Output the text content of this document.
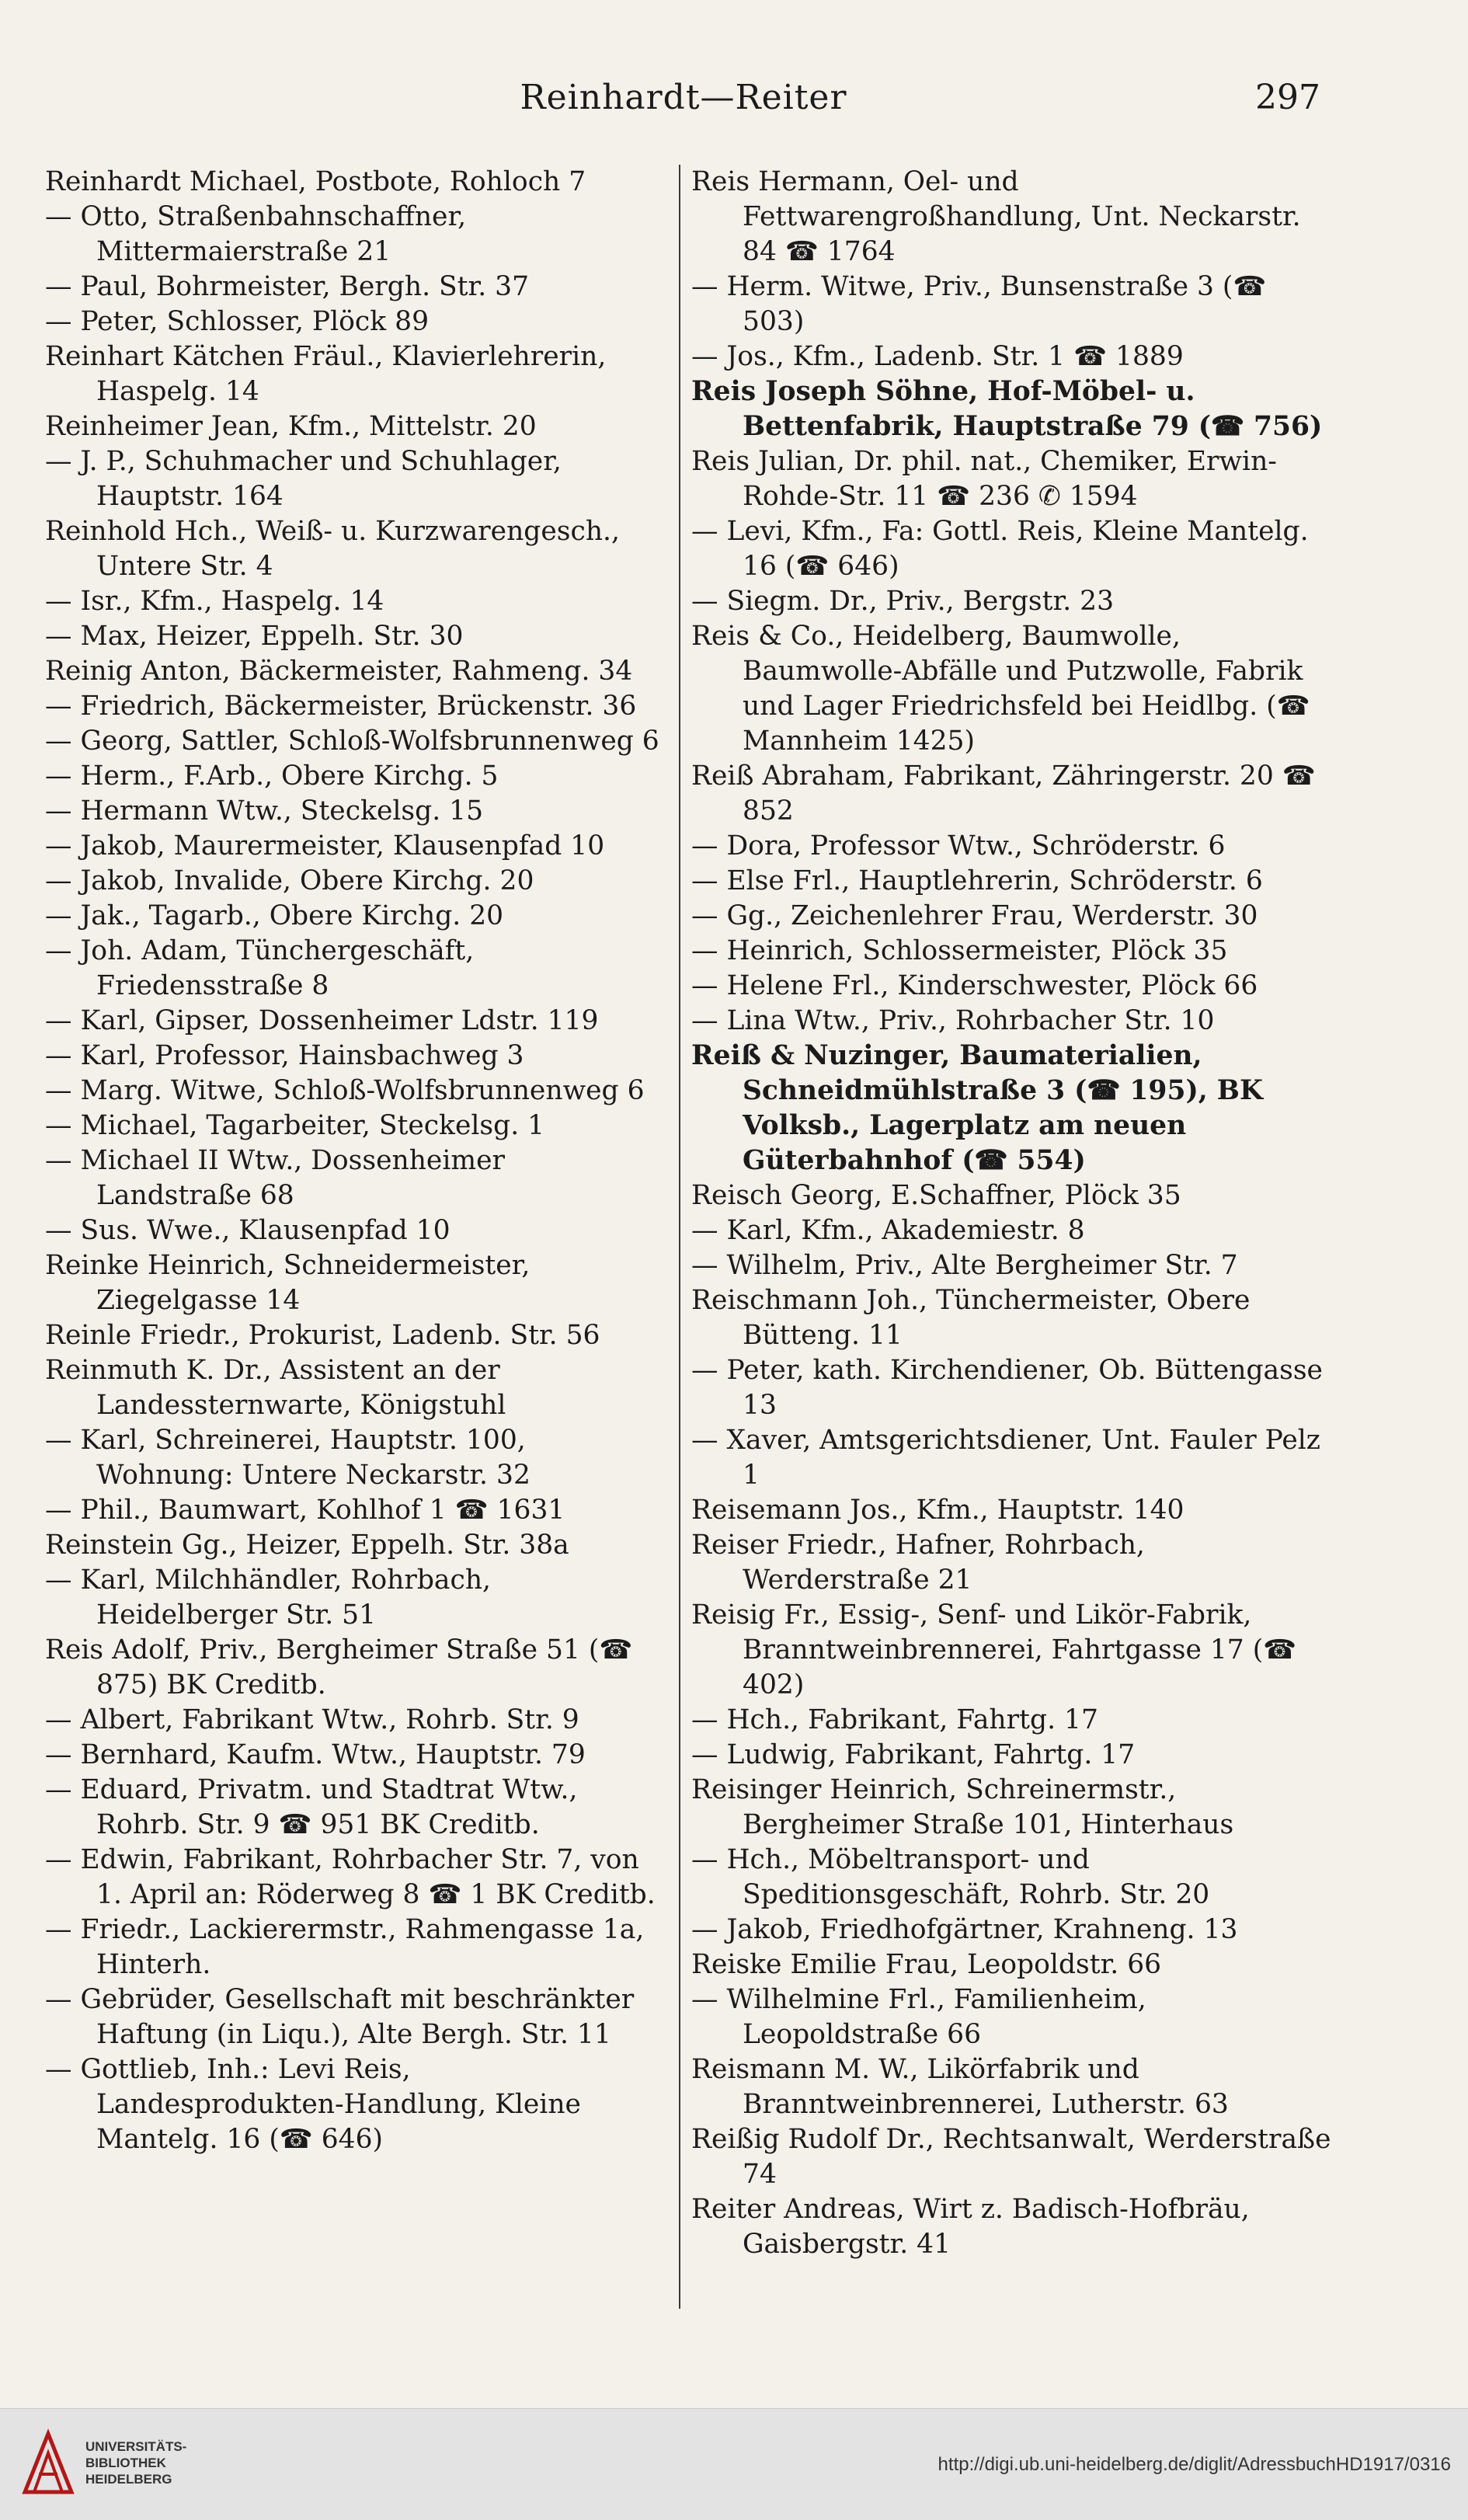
Reinhardt—Reiter	297

Reinhardt Michael, Postbote, Rohloch 7

— Otto, Straßenbahnschaffner, Mittermaierstraße 21

— Paul, Bohrmeister, Bergh. Str. 37

— Peter, Schlosser, Plöck 89

Reinhart Kätchen Fräul., Klavierlehrerin, Haspelg. 14

Reinheimer Jean, Kfm., Mittelstr. 20

— J. P., Schuhmacher und Schuhlager, Hauptstr. 164

Reinhold Hch., Weiß- u. Kurzwarengesch., Untere Str. 4

— Isr., Kfm., Haspelg. 14

— Max, Heizer, Eppelh. Str. 30

Reinig Anton, Bäckermeister, Rahmeng. 34

— Friedrich, Bäckermeister, Brückenstr. 36

— Georg, Sattler, Schloß-Wolfsbrunnenweg 6

— Herm., F.Arb., Obere Kirchg. 5

— Hermann Wtw., Steckelsg. 15

— Jakob, Maurermeister, Klausenpfad 10

— Jakob, Invalide, Obere Kirchg. 20

— Jak., Tagarb., Obere Kirchg. 20

— Joh. Adam, Tünchergeschäft, Friedensstraße 8

— Karl, Gipser, Dossenheimer Ldstr. 119

— Karl, Professor, Hainsbachweg 3

— Marg. Witwe, Schloß-Wolfsbrunnenweg 6

— Michael, Tagarbeiter, Steckelsg. 1

— Michael II Wtw., Dossenheimer Landstraße 68

— Sus. Wwe., Klausenpfad 10

Reinke Heinrich, Schneidermeister, Ziegelgasse 14

Reinle Friedr., Prokurist, Ladenb. Str. 56

Reinmuth K. Dr., Assistent an der Landessternwarte, Königstuhl

— Karl, Schreinerei, Hauptstr. 100, Wohnung: Untere Neckarstr. 32

— Phil., Baumwart, Kohlhof 1 ☎ 1631

Reinstein Gg., Heizer, Eppelh. Str. 38a

— Karl, Milchhändler, Rohrbach, Heidelberger Str. 51

Reis Adolf, Priv., Bergheimer Straße 51 (☎ 875) BK Creditb.

— Albert, Fabrikant Wtw., Rohrb. Str. 9

— Bernhard, Kaufm. Wtw., Hauptstr. 79

— Eduard, Privatm. und Stadtrat Wtw., Rohrb. Str. 9 ☎ 951 BK Creditb.

— Edwin, Fabrikant, Rohrbacher Str. 7, von 1. April an: Röderweg 8 ☎ 1 BK Creditb.

— Friedr., Lackierermstr., Rahmengasse 1a, Hinterh.

— Gebrüder, Gesellschaft mit beschränkter Haftung (in Liqu.), Alte Bergh. Str. 11

— Gottlieb, Inh.: Levi Reis, Landesprodukten-Handlung, Kleine Mantelg. 16 (☎ 646)

Reis Hermann, Oel- und Fettwarengroßhandlung, Unt. Neckarstr. 84 ☎ 1764

— Herm. Witwe, Priv., Bunsenstraße 3 (☎ 503)

— Jos., Kfm., Ladenb. Str. 1 ☎ 1889

Reis Joseph Söhne, Hof-Möbel- u. Bettenfabrik, Hauptstraße 79 (☎ 756)

Reis Julian, Dr. phil. nat., Chemiker, Erwin-Rohde-Str. 11 ☎ 236 ✆ 1594

— Levi, Kfm., Fa: Gottl. Reis, Kleine Mantelg. 16 (☎ 646)

— Siegm. Dr., Priv., Bergstr. 23

Reis & Co., Heidelberg, Baumwolle, Baumwolle-Abfälle und Putzwolle, Fabrik und Lager Friedrichsfeld bei Heidlbg. (☎ Mannheim 1425)

Reiß Abraham, Fabrikant, Zähringerstr. 20 ☎ 852

— Dora, Professor Wtw., Schröderstr. 6

— Else Frl., Hauptlehrerin, Schröderstr. 6

— Gg., Zeichenlehrer Frau, Werderstr. 30

— Heinrich, Schlossermeister, Plöck 35

— Helene Frl., Kinderschwester, Plöck 66

— Lina Wtw., Priv., Rohrbacher Str. 10

Reiß & Nuzinger, Baumaterialien, Schneidmühlstraße 3 (☎ 195), BK Volksb., Lagerplatz am neuen Güterbahnhof (☎ 554)

Reisch Georg, E.Schaffner, Plöck 35

— Karl, Kfm., Akademiestr. 8

— Wilhelm, Priv., Alte Bergheimer Str. 7

Reischmann Joh., Tünchermeister, Obere Bütteng. 11

— Peter, kath. Kirchendiener, Ob. Büttengasse 13

— Xaver, Amtsgerichtsdiener, Unt. Fauler Pelz 1

Reisemann Jos., Kfm., Hauptstr. 140

Reiser Friedr., Hafner, Rohrbach, Werderstraße 21

Reisig Fr., Essig-, Senf- und Likör-Fabrik, Branntweinbrennerei, Fahrtgasse 17 (☎ 402)

— Hch., Fabrikant, Fahrtg. 17

— Ludwig, Fabrikant, Fahrtg. 17

Reisinger Heinrich, Schreinermstr., Bergheimer Straße 101, Hinterhaus

— Hch., Möbeltransport- und Speditionsgeschäft, Rohrb. Str. 20

— Jakob, Friedhofgärtner, Krahneng. 13

Reiske Emilie Frau, Leopoldstr. 66

— Wilhelmine Frl., Familienheim, Leopoldstraße 66

Reismann M. W., Likörfabrik und Branntweinbrennerei, Lutherstr. 63

Reißig Rudolf Dr., Rechtsanwalt, Werderstraße 74

Reiter Andreas, Wirt z. Badisch-Hofbräu, Gaisbergstr. 41

UNIVERSITÄTS-
BIBLIOTHEK
HEIDELBERG
http://digi.ub.uni-heidelberg.de/diglit/AdressbuchHD1917/0316
